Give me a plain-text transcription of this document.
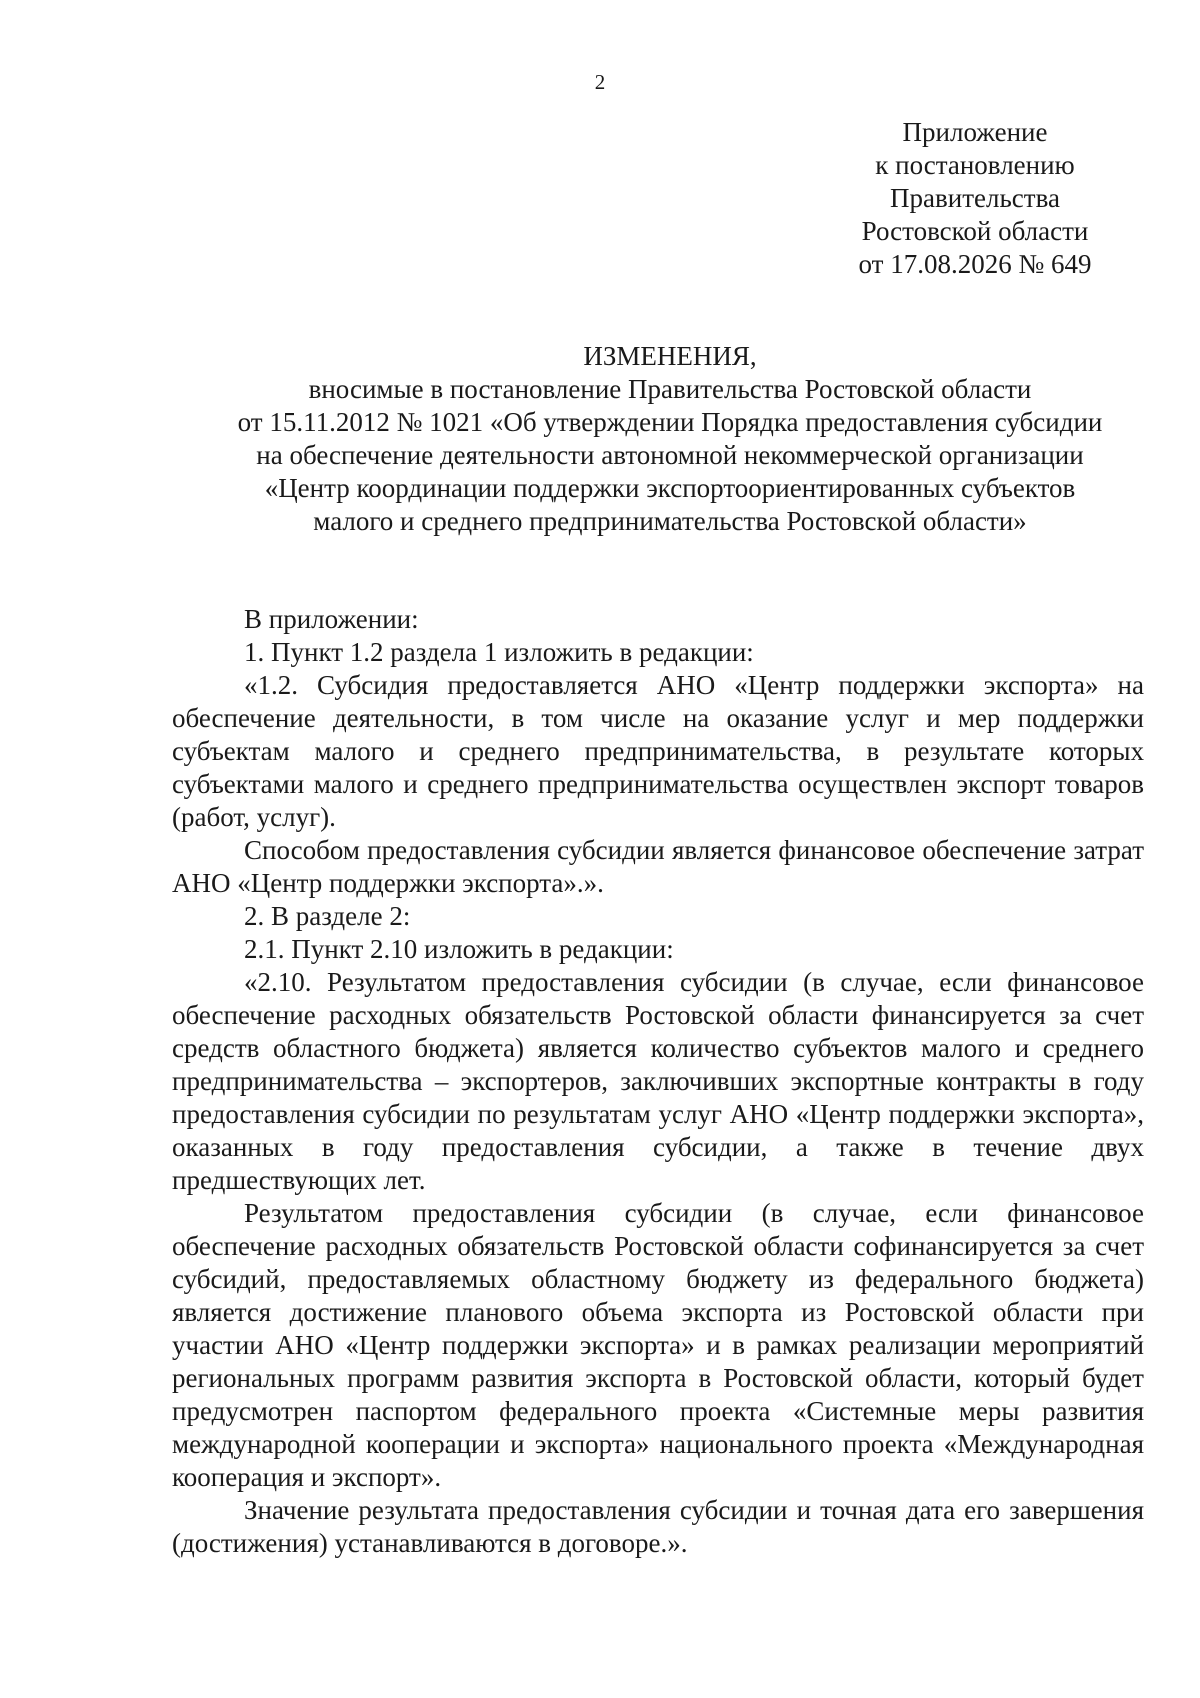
2
Приложение
к постановлению
Правительства
Ростовской области
от 17.08.2026 № 649
ИЗМЕНЕНИЯ,
вносимые в постановление Правительства Ростовской области
от 15.11.2012 № 1021 «Об утверждении Порядка предоставления субсидии
на обеспечение деятельности автономной некоммерческой организации
«Центр координации поддержки экспортоориентированных субъектов
малого и среднего предпринимательства Ростовской области»

В приложении:

1. Пункт 1.2 раздела 1 изложить в редакции:

«1.2. Субсидия предоставляется АНО «Центр поддержки экспорта» на обеспечение деятельности, в том числе на оказание услуг и мер поддержки субъектам малого и среднего предпринимательства, в результате которых субъектами малого и среднего предпринимательства осуществлен экспорт товаров (работ, услуг).

Способом предоставления субсидии является финансовое обеспечение затрат АНО «Центр поддержки экспорта».».

2. В разделе 2:

2.1. Пункт 2.10 изложить в редакции:

«2.10. Результатом предоставления субсидии (в случае, если финансовое обеспечение расходных обязательств Ростовской области финансируется за счет средств областного бюджета) является количество субъектов малого и среднего предпринимательства – экспортеров, заключивших экспортные контракты в году предоставления субсидии по результатам услуг АНО «Центр поддержки экспорта», оказанных в году предоставления субсидии, а также в течение двух предшествующих лет.

Результатом предоставления субсидии (в случае, если финансовое обеспечение расходных обязательств Ростовской области софинансируется за счет субсидий, предоставляемых областному бюджету из федерального бюджета) является достижение планового объема экспорта из Ростовской области при участии АНО «Центр поддержки экспорта» и в рамках реализации мероприятий региональных программ развития экспорта в Ростовской области, который будет предусмотрен паспортом федерального проекта «Системные меры развития международной кооперации и экспорта» национального проекта «Международная кооперация и экспорт».

Значение результата предоставления субсидии и точная дата его завершения (достижения) устанавливаются в договоре.».
